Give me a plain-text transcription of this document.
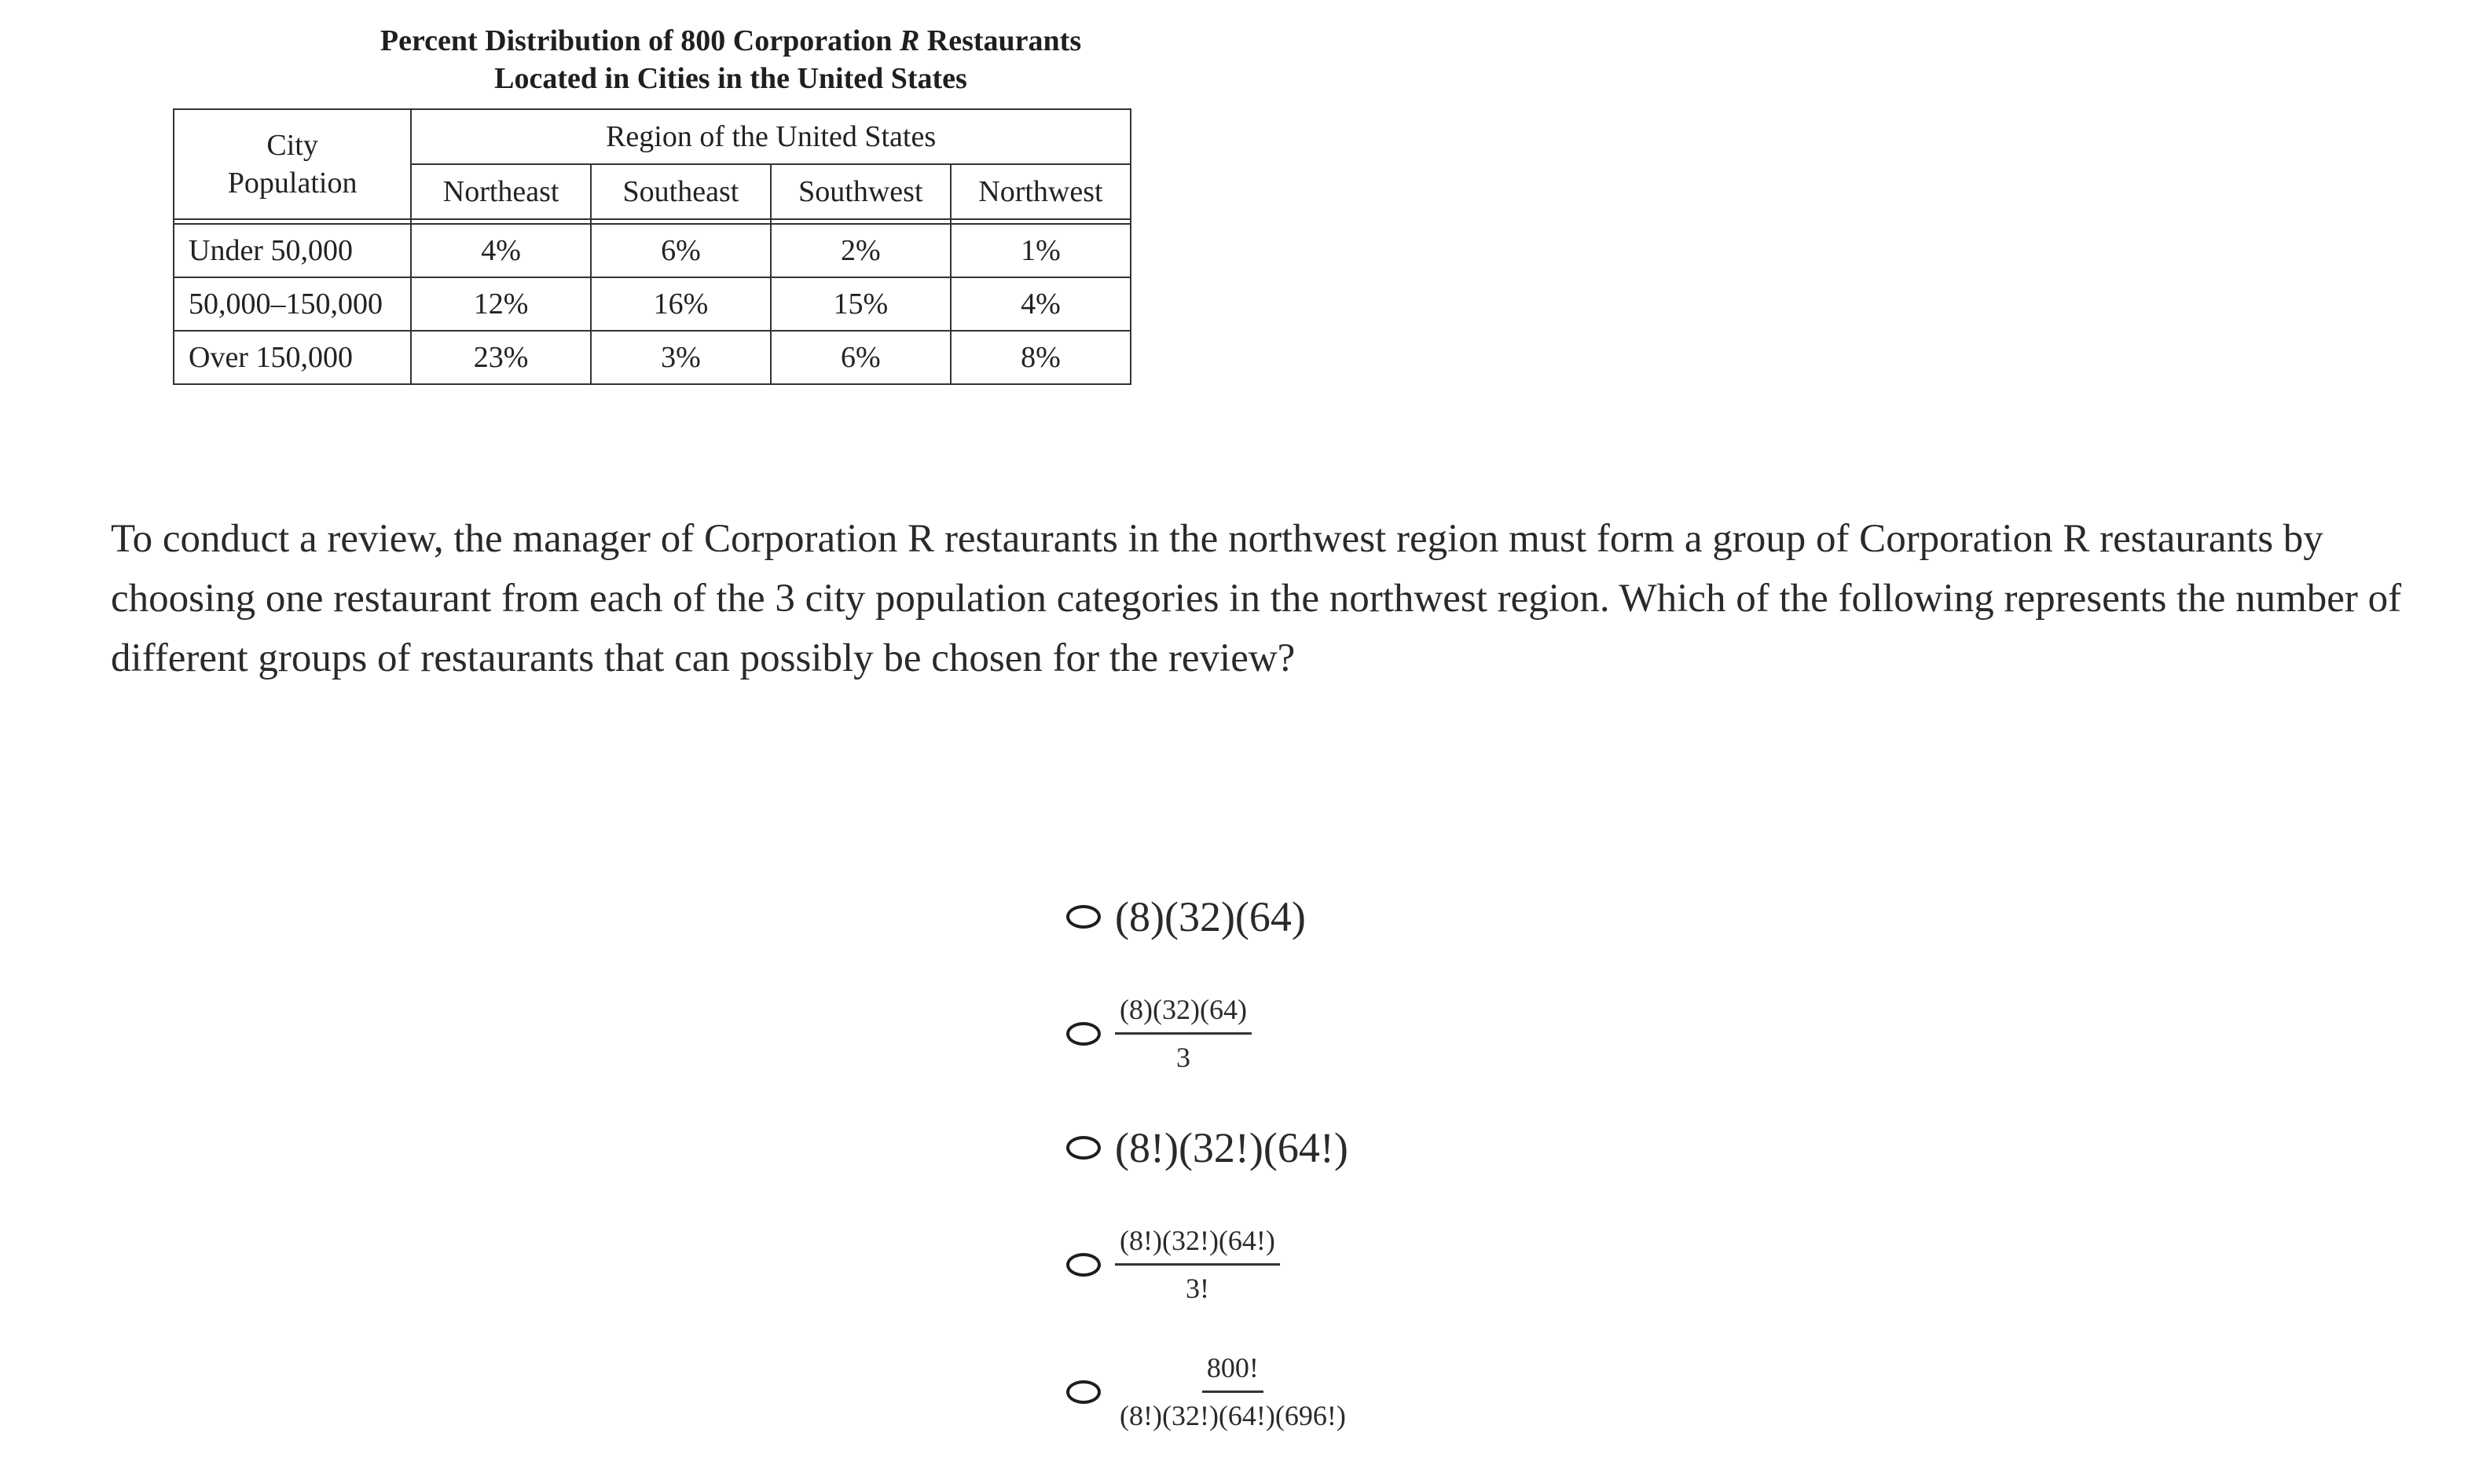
Percent Distribution of 800 Corporation R Restaurants
Located in Cities in the United States
City
Population	Region of the United States			
	Northeast	Southeast	Southwest	Northwest

Under 50,000	4%	6%	2%	1%
50,000–150,000	12%	16%	15%	4%
Over 150,000	23%	3%	6%	8%
To conduct a review, the manager of Corporation R restaurants in the northwest region must form a group of Corporation R restaurants by choosing one restaurant from each of the 3 city population categories in the northwest region. Which of the following represents the number of different groups of restaurants that can possibly be chosen for the review?
(8)(32)(64)
$\frac{(8)(32)(64)}{3}$
(8!)(32!)(64!)
$\frac{(8!)(32!)(64!)}{3!}$
$\frac{800!}{(8!)(32!)(64!)(696!)}$
